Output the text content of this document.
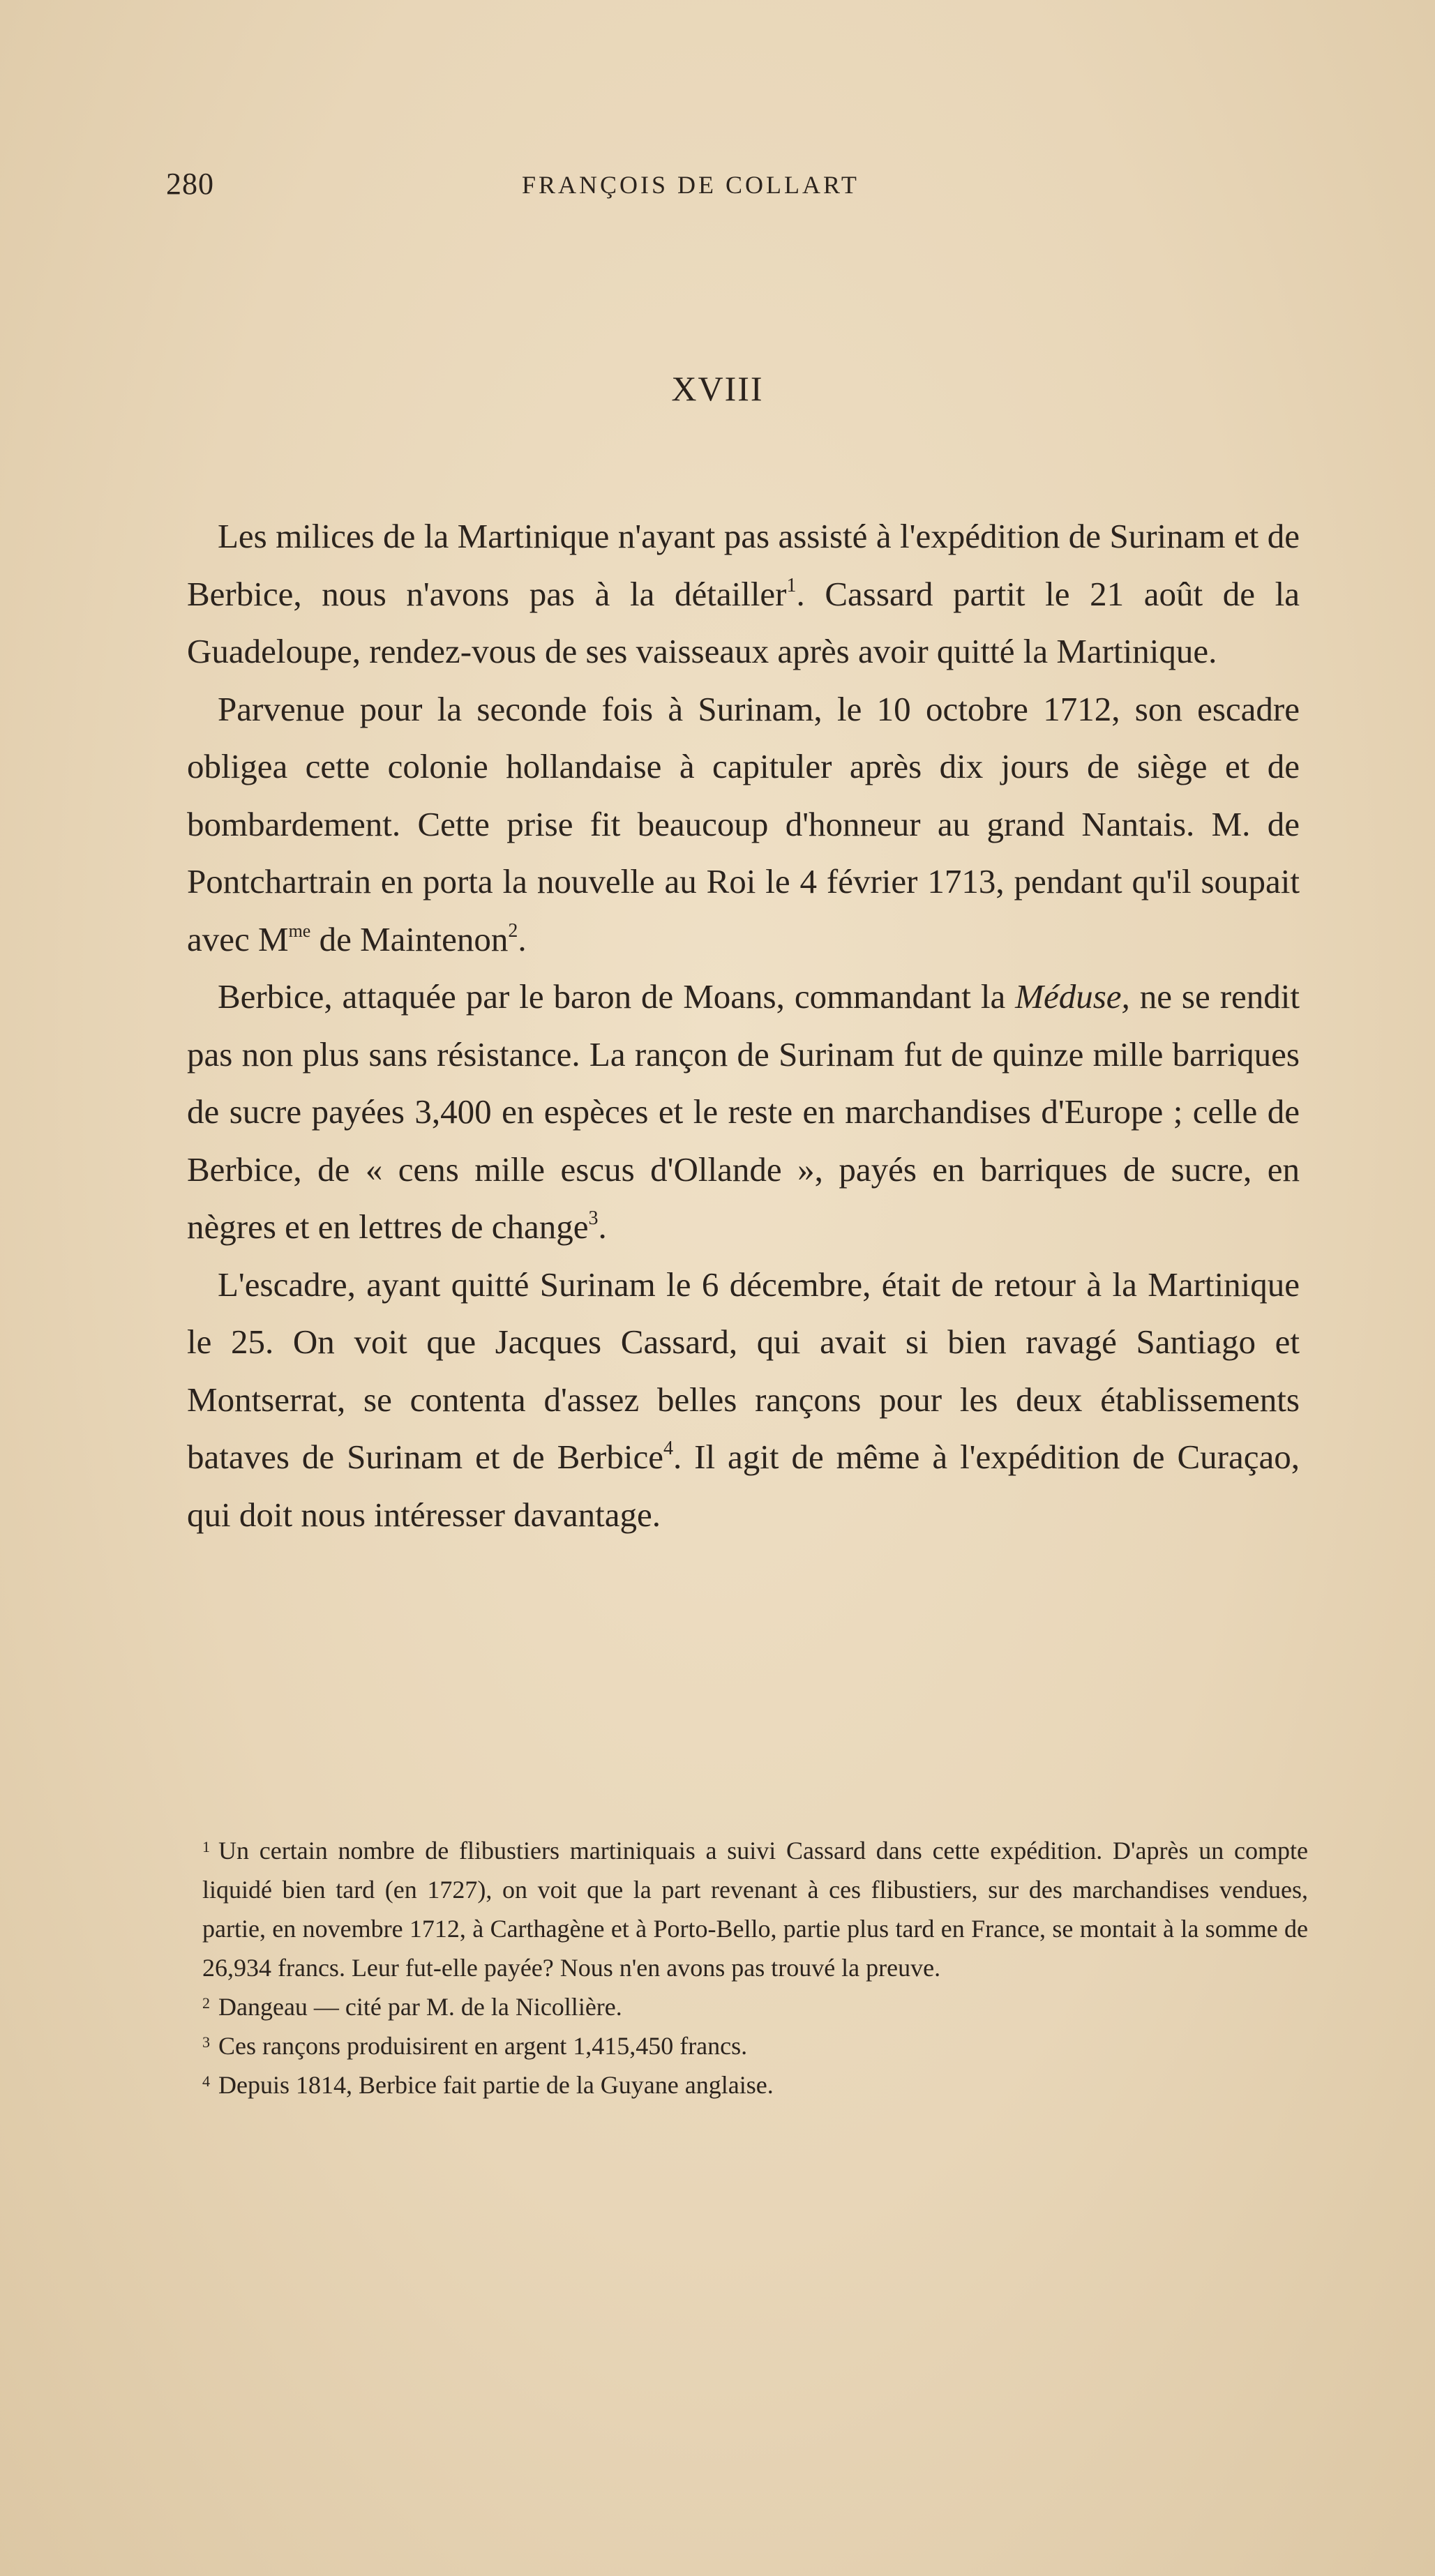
280	FRANÇOIS DE COLLART
XVIII

Les milices de la Martinique n'ayant pas assisté à l'expédition de Surinam et de Berbice, nous n'avons pas à la détailler$^1$. Cassard partit le 21 août de la Guadeloupe, rendez-vous de ses vaisseaux après avoir quitté la Martinique.

Parvenue pour la seconde fois à Surinam, le 10 octobre 1712, son escadre obligea cette colonie hollandaise à capituler après dix jours de siège et de bombardement. Cette prise fit beaucoup d'honneur au grand Nantais. M. de Pontchartrain en porta la nouvelle au Roi le 4 février 1713, pendant qu'il soupait avec $M^{me}$ de Maintenon$^2$.

Berbice, attaquée par le baron de Moans, commandant la Méduse, ne se rendit pas non plus sans résistance. La rançon de Surinam fut de quinze mille barriques de sucre payées 3,400 en espèces et le reste en marchandises d'Europe ; celle de Berbice, de « cens mille escus d'Ollande », payés en barriques de sucre, en nègres et en lettres de change$^3$.

L'escadre, ayant quitté Surinam le 6 décembre, était de retour à la Martinique le 25. On voit que Jacques Cassard, qui avait si bien ravagé Santiago et Montserrat, se contenta d'assez belles rançons pour les deux établissements bataves de Surinam et de Berbice$^4$. Il agit de même à l'expédition de Curaçao, qui doit nous intéresser davantage.

$^1$ Un certain nombre de flibustiers martiniquais a suivi Cassard dans cette expédition. D'après un compte liquidé bien tard (en 1727), on voit que la part revenant à ces flibustiers, sur des marchandises vendues, partie, en novembre 1712, à Carthagène et à Porto-Bello, partie plus tard en France, se montait à la somme de 26,934 francs. Leur fut-elle payée? Nous n'en avons pas trouvé la preuve.

$^2$ Dangeau — cité par M. de la Nicollière.

$^3$ Ces rançons produisirent en argent 1,415,450 francs.

$^4$ Depuis 1814, Berbice fait partie de la Guyane anglaise.
